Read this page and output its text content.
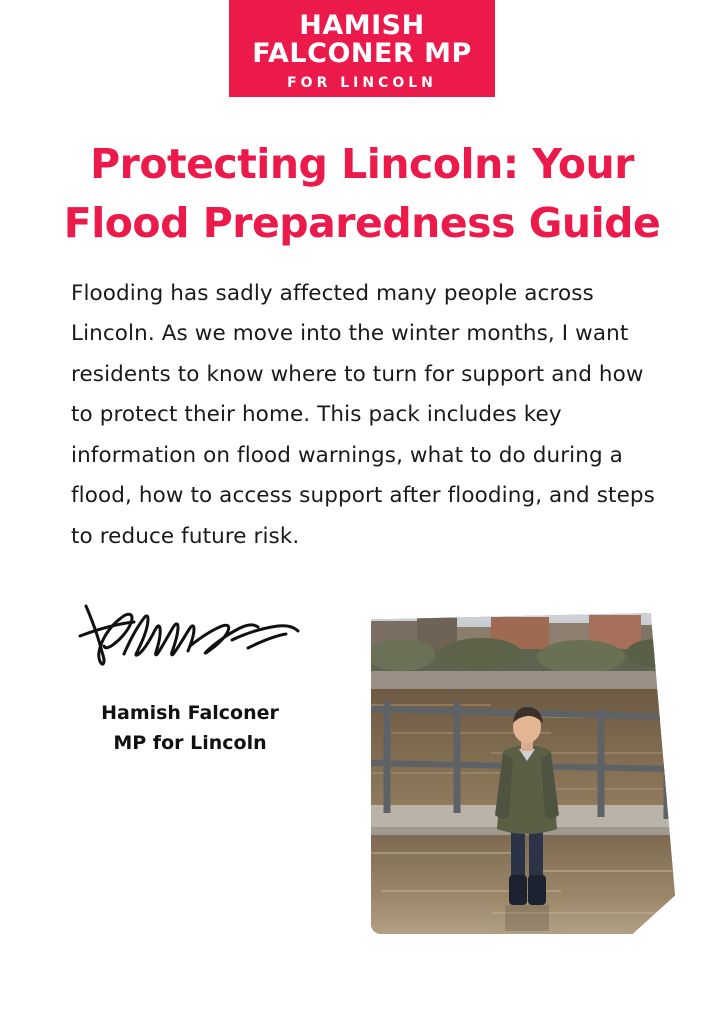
HAMISH
FALCONER MP
FOR LINCOLN
Protecting Lincoln: Your Flood Preparedness Guide

Flooding has sadly affected many people across Lincoln. As we move into the winter months, I want residents to know where to turn for support and how to protect their home. This pack includes key information on flood warnings, what to do during a flood, how to access support after flooding, and steps to reduce future risk.

Hamish Falconer
MP for Lincoln
